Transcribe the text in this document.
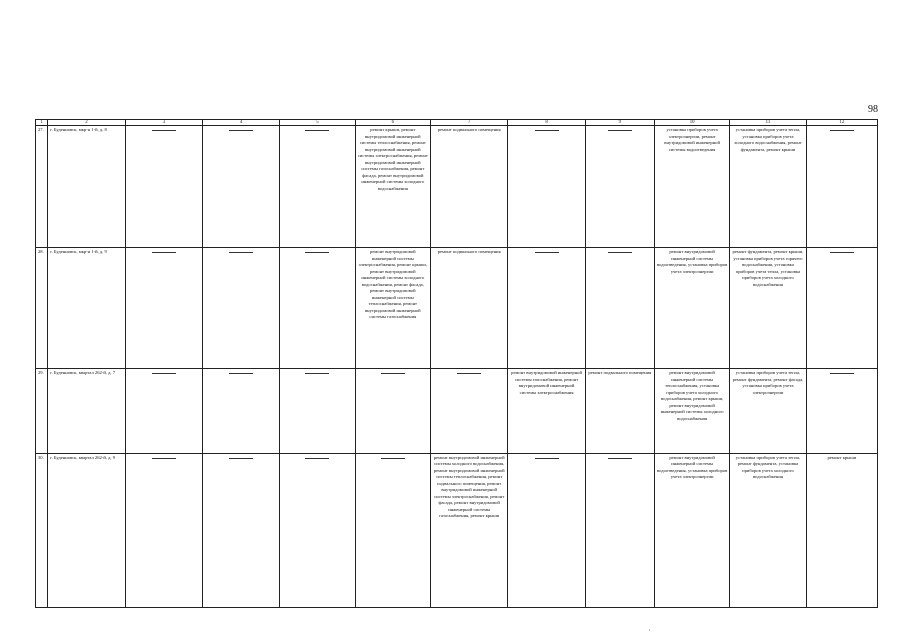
98
1	2	3	4	5	6	7	8	9	10	11	12
27.	г. Буденновск, мкр-н 1-й, д. 8				ремонт крыши, ремонт внутридомовой инженерной системы теплоснабжения, ремонт внутридомовой инженерной системы электроснабжения, ремонт внутридомовой инженерной системы газоснабжения, ремонт фасада, ремонт внутридомовой инженерной системы холодного водоснабжения	ремонт подвального помещения			установка приборов учета электроэнергии, ремонт внутридомовой инженерной системы водоотведения	установка приборов учета тепла, установка приборов учета холодного водоснабжения, ремонт фундамента, ремонт крыши	

28.	г. Буденновск, мкр-н 1-й, д. 9				ремонт внутридомовой инженерной системы электроснабжения, ремонт крыши, ремонт внутридомовой инженерной системы холодного водоснабжения, ремонт фасада, ремонт внутридомовой инженерной системы теплоснабжения, ремонт внутридомовой инженерной системы газоснабжения	ремонт подвального помещения			ремонт внутридомовой инженерной системы водоотведения, установка приборов учета электроэнергии	ремонт фундамента, ремонт крыши, установка приборов учета горячего водоснабжения, установка приборов учета тепла, установка приборов учета холодного водоснабжения	

29.	г. Буденновск, квартал 262-й, д. 7						ремонт внутридомовой инженерной системы газоснабжения, ремонт внутридомовой инженерной системы электроснабжения	ремонт подвального помещения	ремонт внутридомовой инженерной системы теплоснабжения, установка приборов учета холодного водоснабжения, ремонт крыши, ремонт внутридомовой инженерной системы холодного водоснабжения	установка приборов учета тепла, ремонт фундамента, ремонт фасада, установка приборов учета электроэнергии	

30.	г. Буденновск, квартал 262-й, д. 9					ремонт внутридомовой инженерной системы холодного водоснабжения, ремонт внутридомовой инженерной системы теплоснабжения, ремонт подвального помещения, ремонт внутридомовой инженерной системы электроснабжения, ремонт фасада, ремонт внутридомовой инженерной системы газоснабжения, ремонт крыши			ремонт внутридомовой инженерной системы водоотведения, установка приборов учета электроэнергии	установка приборов учета тепла, ремонт фундамента, установка приборов учета холодного водоснабжения	ремонт крыши
˙
